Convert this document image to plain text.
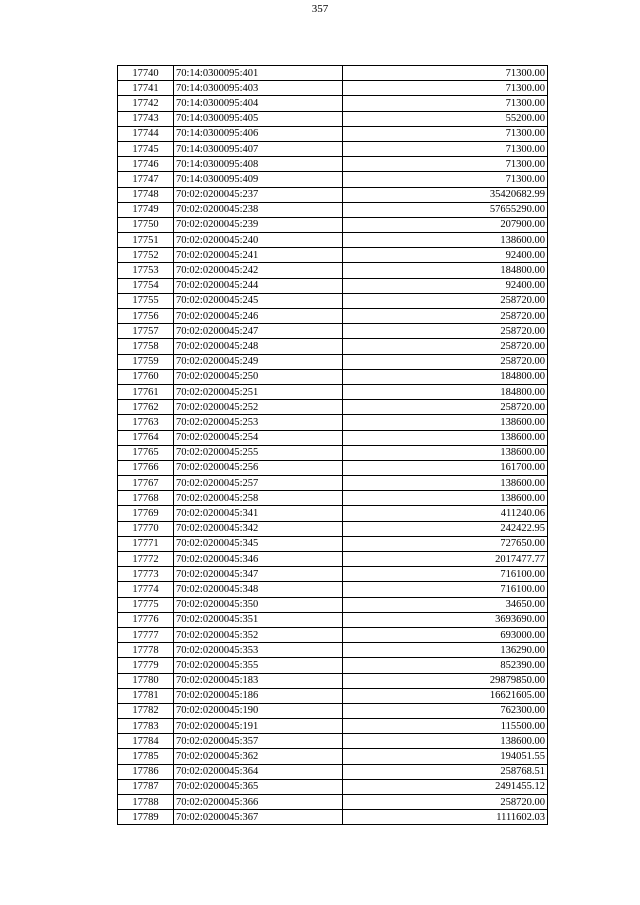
357
17740	70:14:0300095:401	71300.00
17741	70:14:0300095:403	71300.00
17742	70:14:0300095:404	71300.00
17743	70:14:0300095:405	55200.00
17744	70:14:0300095:406	71300.00
17745	70:14:0300095:407	71300.00
17746	70:14:0300095:408	71300.00
17747	70:14:0300095:409	71300.00
17748	70:02:0200045:237	35420682.99
17749	70:02:0200045:238	57655290.00
17750	70:02:0200045:239	207900.00
17751	70:02:0200045:240	138600.00
17752	70:02:0200045:241	92400.00
17753	70:02:0200045:242	184800.00
17754	70:02:0200045:244	92400.00
17755	70:02:0200045:245	258720.00
17756	70:02:0200045:246	258720.00
17757	70:02:0200045:247	258720.00
17758	70:02:0200045:248	258720.00
17759	70:02:0200045:249	258720.00
17760	70:02:0200045:250	184800.00
17761	70:02:0200045:251	184800.00
17762	70:02:0200045:252	258720.00
17763	70:02:0200045:253	138600.00
17764	70:02:0200045:254	138600.00
17765	70:02:0200045:255	138600.00
17766	70:02:0200045:256	161700.00
17767	70:02:0200045:257	138600.00
17768	70:02:0200045:258	138600.00
17769	70:02:0200045:341	411240.06
17770	70:02:0200045:342	242422.95
17771	70:02:0200045:345	727650.00
17772	70:02:0200045:346	2017477.77
17773	70:02:0200045:347	716100.00
17774	70:02:0200045:348	716100.00
17775	70:02:0200045:350	34650.00
17776	70:02:0200045:351	3693690.00
17777	70:02:0200045:352	693000.00
17778	70:02:0200045:353	136290.00
17779	70:02:0200045:355	852390.00
17780	70:02:0200045:183	29879850.00
17781	70:02:0200045:186	16621605.00
17782	70:02:0200045:190	762300.00
17783	70:02:0200045:191	115500.00
17784	70:02:0200045:357	138600.00
17785	70:02:0200045:362	194051.55
17786	70:02:0200045:364	258768.51
17787	70:02:0200045:365	2491455.12
17788	70:02:0200045:366	258720.00
17789	70:02:0200045:367	1111602.03
